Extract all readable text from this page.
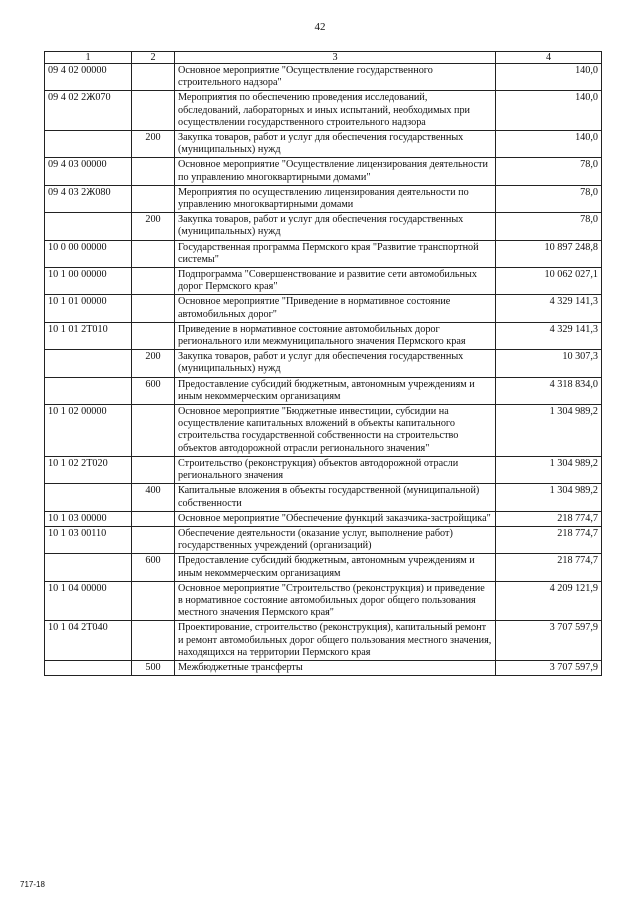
42
1	2	3	4
09 4 02 00000		Основное мероприятие "Осуществление государственного строительного надзора"	140,0
09 4 02 2Ж070		Мероприятия по обеспечению проведения исследований, обследований, лабораторных и иных испытаний, необходимых при осуществлении государственного строительного надзора	140,0
	200	Закупка товаров, работ и услуг для обеспечения государственных (муниципальных) нужд	140,0
09 4 03 00000		Основное мероприятие "Осуществление лицензирования деятельности по управлению многоквартирными домами"	78,0
09 4 03 2Ж080		Мероприятия по осуществлению лицензирования деятельности по управлению многоквартирными домами	78,0
	200	Закупка товаров, работ и услуг для обеспечения государственных (муниципальных) нужд	78,0
10 0 00 00000		Государственная программа Пермского края "Развитие транспортной системы"	10 897 248,8
10 1 00 00000		Подпрограмма "Совершенствование и развитие сети автомобильных дорог Пермского края"	10 062 027,1
10 1 01 00000		Основное мероприятие "Приведение в нормативное состояние автомобильных дорог"	4 329 141,3
10 1 01 2Т010		Приведение в нормативное состояние автомобильных дорог регионального или межмуниципального значения Пермского края	4 329 141,3
	200	Закупка товаров, работ и услуг для обеспечения государственных (муниципальных) нужд	10 307,3
	600	Предоставление субсидий бюджетным, автономным учреждениям и иным некоммерческим организациям	4 318 834,0
10 1 02 00000		Основное мероприятие "Бюджетные инвестиции, субсидии на осуществление капитальных вложений в объекты капитального строительства государственной собственности на строительство объектов автодорожной отрасли регионального значения"	1 304 989,2
10 1 02 2Т020		Строительство (реконструкция) объектов автодорожной отрасли регионального значения	1 304 989,2
	400	Капитальные вложения в объекты государственной (муниципальной) собственности	1 304 989,2
10 1 03 00000		Основное мероприятие "Обеспечение функций заказчика-застройщика"	218 774,7
10 1 03 00110		Обеспечение деятельности (оказание услуг, выполнение работ) государственных учреждений (организаций)	218 774,7
	600	Предоставление субсидий бюджетным, автономным учреждениям и иным некоммерческим организациям	218 774,7
10 1 04 00000		Основное мероприятие "Строительство (реконструкция) и приведение в нормативное состояние автомобильных дорог общего пользования местного значения Пермского края"	4 209 121,9
10 1 04 2Т040		Проектирование, строительство (реконструкция), капитальный ремонт и ремонт автомобильных дорог общего пользования местного значения, находящихся на территории Пермского края	3 707 597,9
	500	Межбюджетные трансферты	3 707 597,9
717-18
